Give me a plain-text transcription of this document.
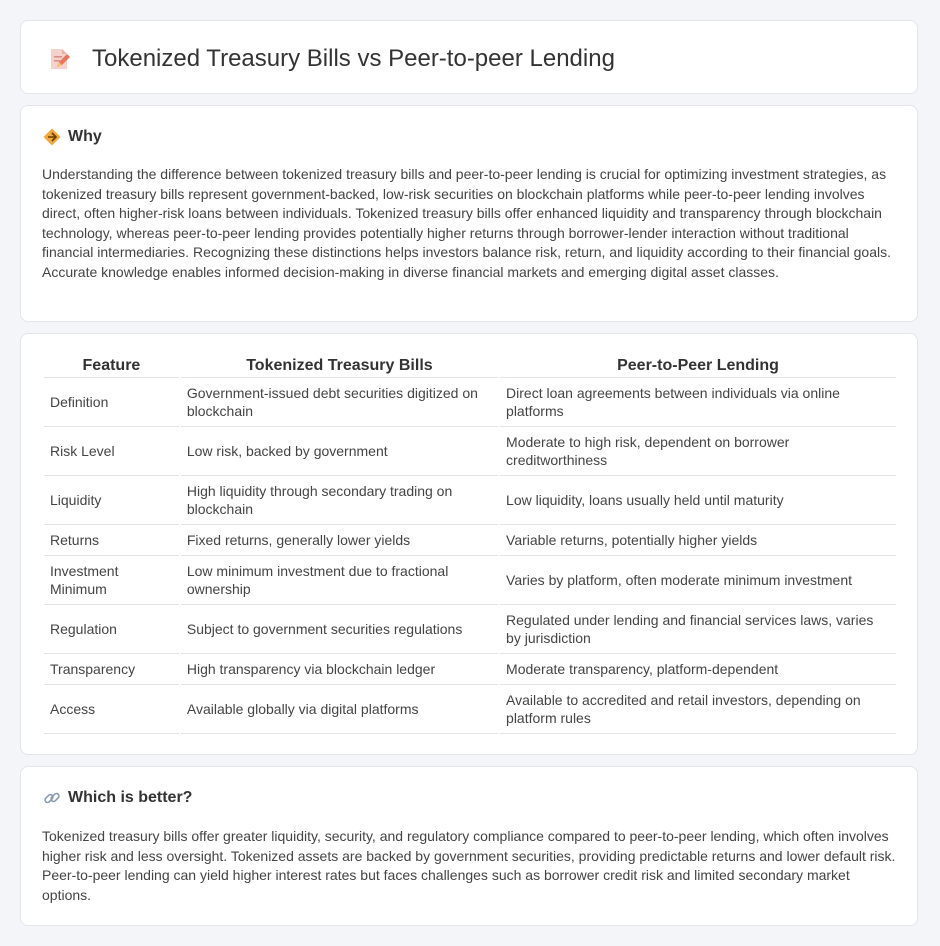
Tokenized Treasury Bills vs Peer-to-peer Lending
Why

Understanding the difference between tokenized treasury bills and peer-to-peer lending is crucial for optimizing investment strategies, as tokenized treasury bills represent government-backed, low-risk securities on blockchain platforms while peer-to-peer lending involves direct, often higher-risk loans between individuals. Tokenized treasury bills offer enhanced liquidity and transparency through blockchain technology, whereas peer-to-peer lending provides potentially higher returns through borrower-lender interaction without traditional financial intermediaries. Recognizing these distinctions helps investors balance risk, return, and liquidity according to their financial goals. Accurate knowledge enables informed decision-making in diverse financial markets and emerging digital asset classes.

Feature	Tokenized Treasury Bills	Peer-to-Peer Lending
Definition	Government-issued debt securities digitized on blockchain	Direct loan agreements between individuals via online platforms
Risk Level	Low risk, backed by government	Moderate to high risk, dependent on borrower creditworthiness
Liquidity	High liquidity through secondary trading on blockchain	Low liquidity, loans usually held until maturity
Returns	Fixed returns, generally lower yields	Variable returns, potentially higher yields
Investment Minimum	Low minimum investment due to fractional ownership	Varies by platform, often moderate minimum investment
Regulation	Subject to government securities regulations	Regulated under lending and financial services laws, varies by jurisdiction
Transparency	High transparency via blockchain ledger	Moderate transparency, platform-dependent
Access	Available globally via digital platforms	Available to accredited and retail investors, depending on platform rules
Which is better?

Tokenized treasury bills offer greater liquidity, security, and regulatory compliance compared to peer-to-peer lending, which often involves higher risk and less oversight. Tokenized assets are backed by government securities, providing predictable returns and lower default risk. Peer-to-peer lending can yield higher interest rates but faces challenges such as borrower credit risk and limited secondary market options.
